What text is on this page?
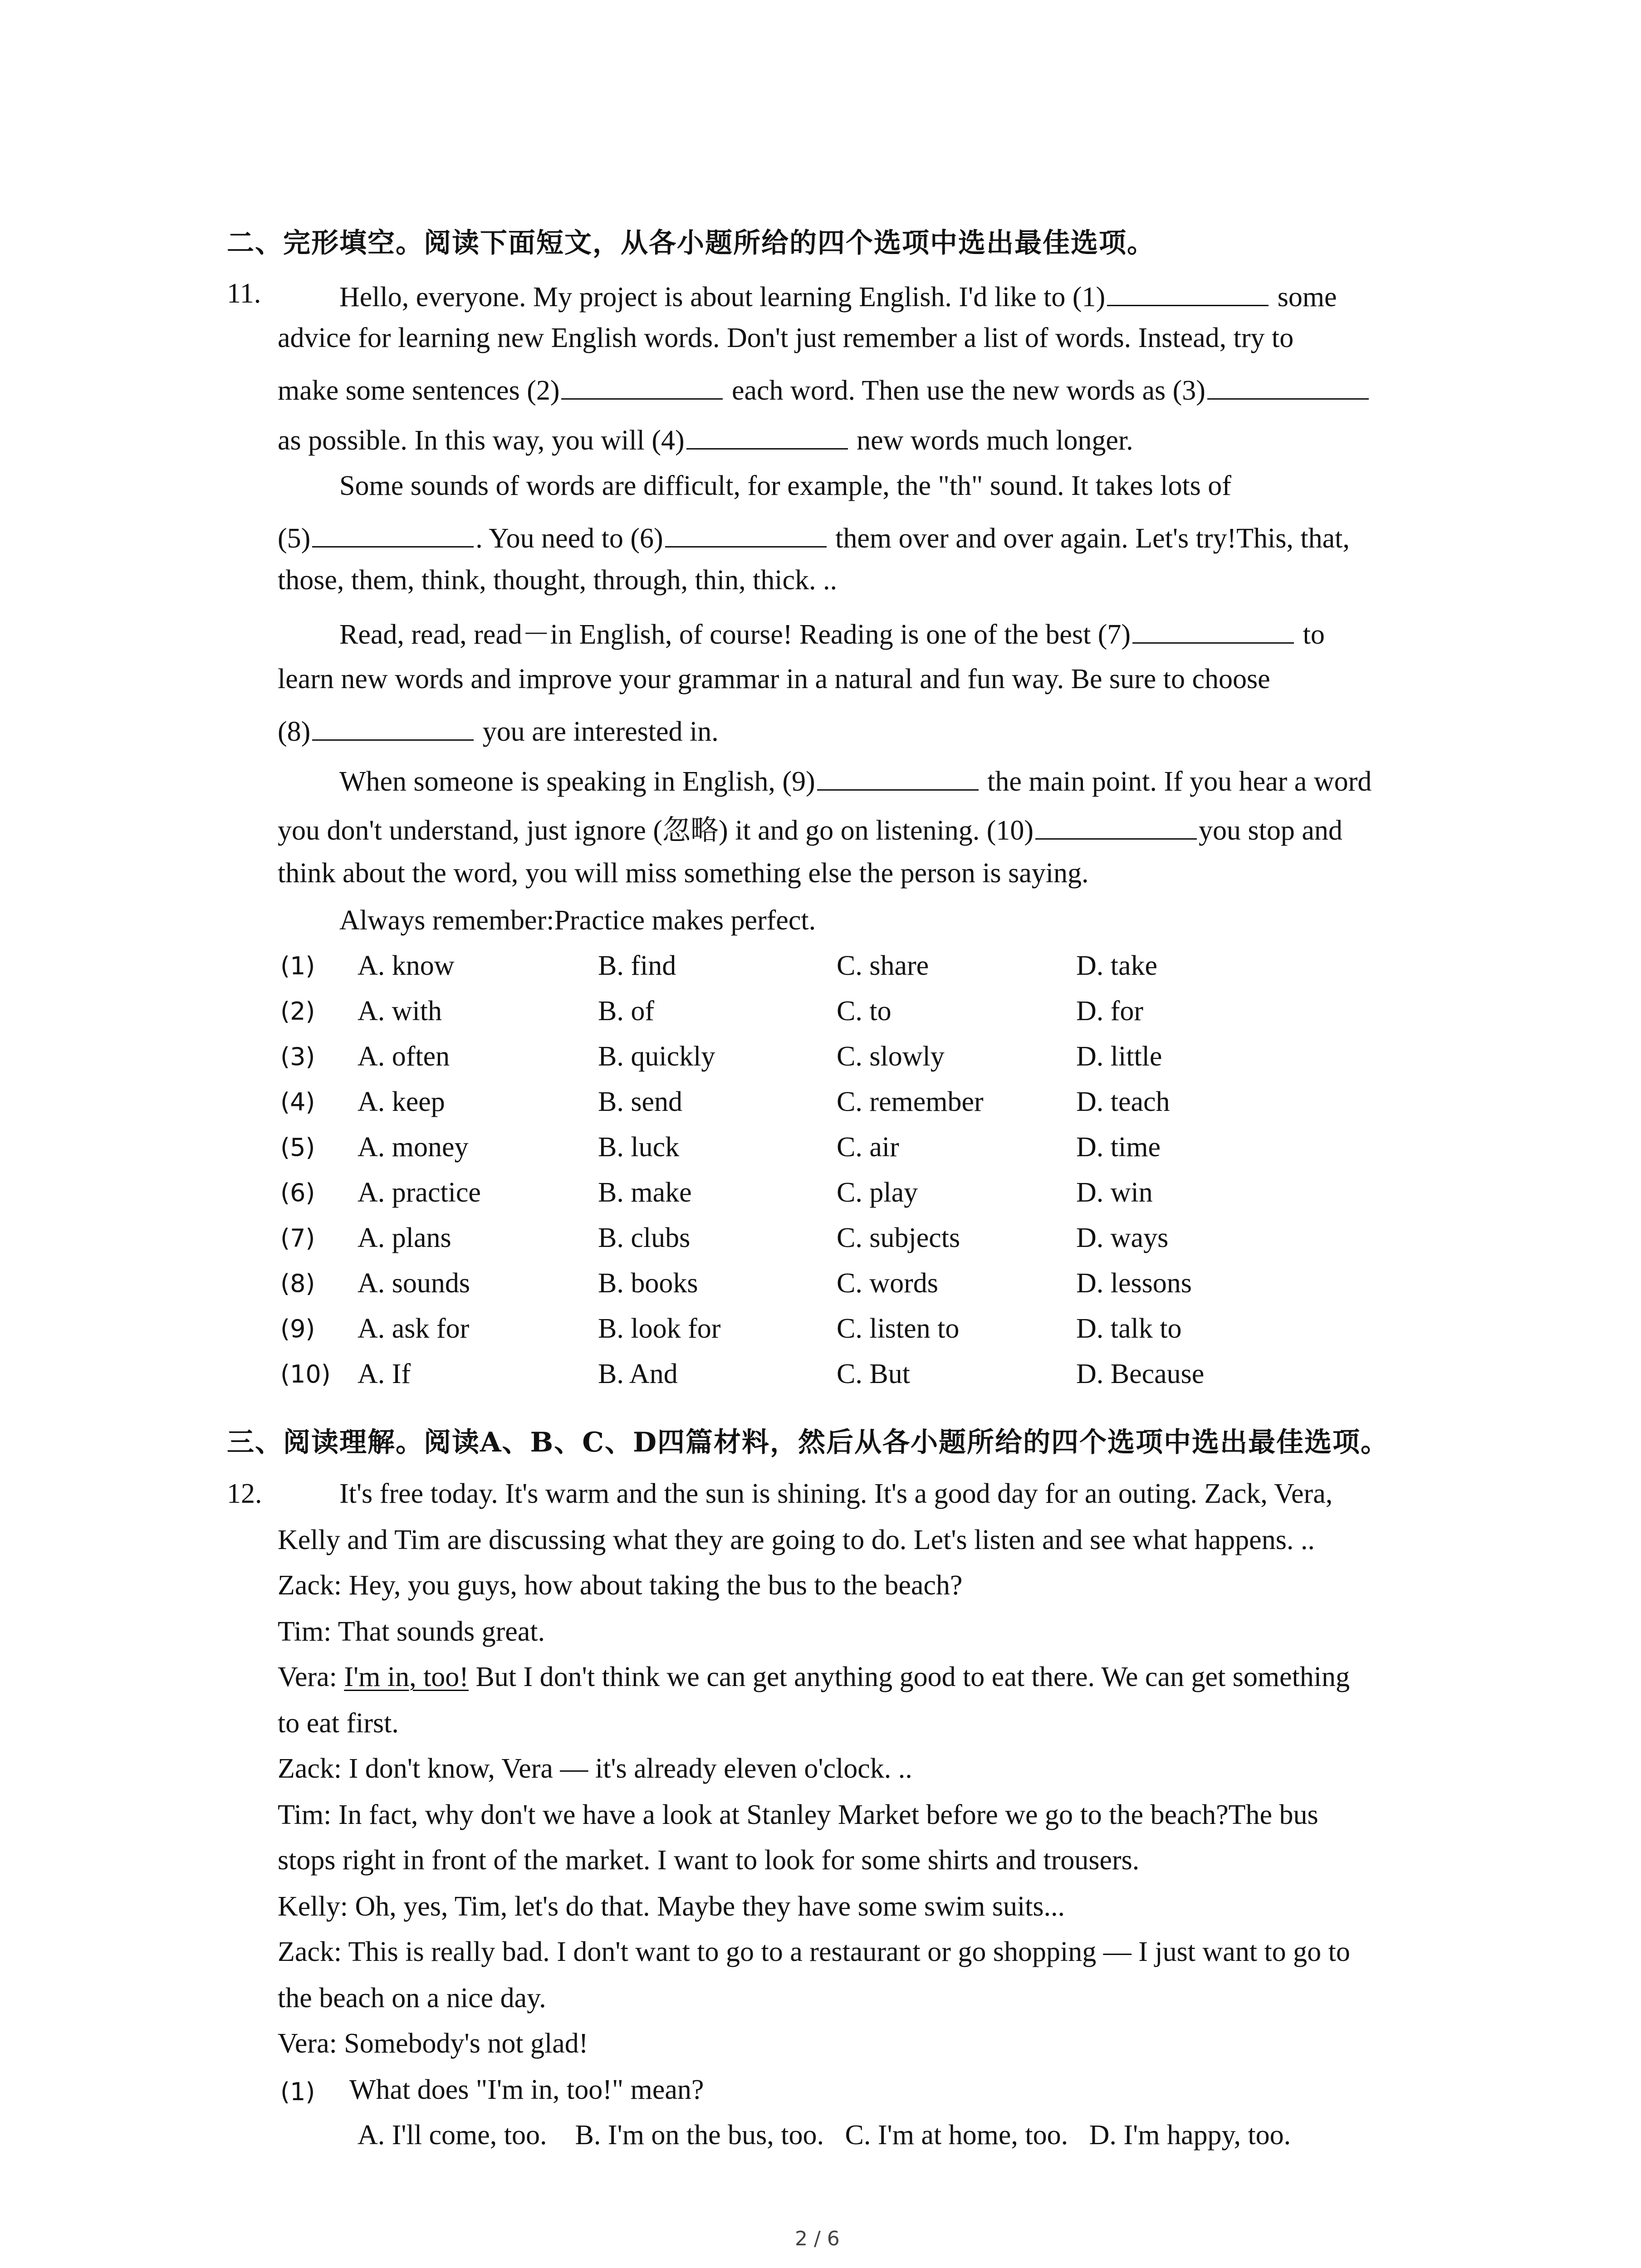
二、完形填空。阅读下面短文，从各小题所给的四个选项中选出最佳选项。
11.	Hello, everyone. My project is about learning English. I'd like to (1)	some
advice for learning new English words. Don't just remember a list of words. Instead, try to
make some sentences (2)	each word. Then use the new words as (3)
as possible. In this way, you will (4)	new words much longer.
Some sounds of words are difficult, for example, the "th" sound. It takes lots of
(5)	. You need to (6)	them over and over again. Let's try!This, that,
those, them, think, thought, through, thin, thick. ..
Read, read, read－in English, of course! Reading is one of the best (7)	to
learn new words and improve your grammar in a natural and fun way. Be sure to choose
(8)	you are interested in.
When someone is speaking in English, (9)	the main point. If you hear a word
you don't understand, just ignore (忽略) it and go on listening. (10)	you stop and
think about the word, you will miss something else the person is saying.
Always remember:Practice makes perfect.
(1) A. know	B. find	C. share	D. take
(2) A. with	B. of	C. to	D. for
(3) A. often	B. quickly	C. slowly	D. little
(4) A. keep	B. send	C. remember	D. teach
(5) A. money	B. luck	C. air	D. time
(6) A. practice	B. make	C. play	D. win
(7) A. plans	B. clubs	C. subjects	D. ways
(8) A. sounds	B. books	C. words	D. lessons
(9) A. ask for	B. look for	C. listen to	D. talk to
(10) A. If	B. And	C. But	D. Because
三、阅读理解。阅读A、B、C、D四篇材料，然后从各小题所给的四个选项中选出最佳选项。
12.	It's free today. It's warm and the sun is shining. It's a good day for an outing. Zack, Vera,
Kelly and Tim are discussing what they are going to do. Let's listen and see what happens. ..
Zack: Hey, you guys, how about taking the bus to the beach?
Tim: That sounds great.
Vera: I'm in, too! But I don't think we can get anything good to eat there. We can get something
to eat first.
Zack: I don't know, Vera — it's already eleven o'clock. ..
Tim: In fact, why don't we have a look at Stanley Market before we go to the beach?The bus
stops right in front of the market. I want to look for some shirts and trousers.
Kelly: Oh, yes, Tim, let's do that. Maybe they have some swim suits...
Zack: This is really bad. I don't want to go to a restaurant or go shopping — I just want to go to
the beach on a nice day.
Vera: Somebody's not glad!
(1) What does "I'm in, too!" mean?
A. I'll come, too.    B. I'm on the bus, too.   C. I'm at home, too.   D. I'm happy, too.
2 / 6
